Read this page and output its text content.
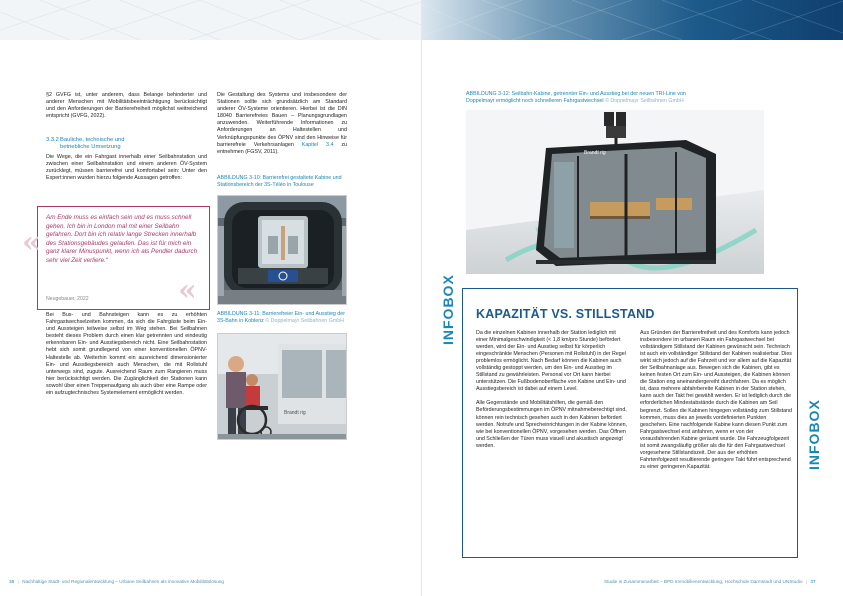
§2 GVFG ist, unter anderem, dass Belange behinderter und anderer Menschen mit Mobilitätsbeeinträchtigung berücksichtigt und den Anforderungen der Barrierefreiheit möglichst weitreichend entspricht (GVFG, 2022).

3.3.2Bauliche, technische und
betriebliche Umsetzung

Die Wege, die ein Fahrgast innerhalb einer Seilbahnstation und zwischen einer Seilbahnstation und einem anderen ÖV-System zurücklegt, müssen barrierefrei und komfortabel sein: Unter den Expert:innen wurden hierzu folgende Aussagen getroffen:

Am Ende muss es einfach sein und es muss schnell gehen. Ich bin in London mal mit einer Seilbahn gefahren. Dort bin ich relativ lange Strecken innerhalb des Stationsgebäudes gelaufen. Das ist für mich ein ganz klarer Minuspunkt, wenn ich als Pendler dadurch sehr viel Zeit verliere.“
Neugebauer, 2022
«
«

Bei Bus- und Bahnsteigen kann es zu erhöhten Fahrgastwechselzeiten kommen, da sich die Fahrgäste beim Ein- und Aussteigen teilweise selbst im Weg stehen. Bei Seilbahnen besteht dieses Problem durch einen klar getrennten und eindeutig erkennbaren Ein- und Ausstiegsbereich nicht. Eine Seilbahnstation hebt sich somit grundlegend von einer konventionellen ÖPNV-Haltestelle ab. Weiterhin kommt ein ausreichend dimensionierter Ein- und Ausstiegsbereich auch Menschen, die mit Rollstuhl unterwegs sind, zugute. Ausreichend Raum zum Rangieren muss hier berücksichtigt werden. Die Zugänglichkeit der Stationen kann sowohl über einen Treppenaufgang als auch über eine Rampe oder ein aufzugtechnisches Systemelement ermöglicht werden.

Die Gestaltung des Systems und insbesondere der Stationen sollte sich grundsätzlich am Standard anderer ÖV-Systeme orientieren. Hierbei ist die DIN 18040 Barrierefreies Bauen – Planungsgrundlagen anzuwenden. Weiterführende Informationen zu Anforderungen an Haltestellen und Verknüpfungspunkte des ÖPNV sind den Hinweise für barrierefreie Verkehrsanlagen Kapitel 3.4 zu entnehmen (FGSV, 2011).

ABBILDUNG 3-10: Barrierefrei gestaltete Kabine und Stationsbereich der 3S-Téléo in Toulouse
ABBILDUNG 3-11: Barrierefreier Ein- und Ausstieg der 3S-Bahn in Koblenz © Doppelmayr Seilbahnen GmbH
Brandt rig
ABBILDUNG 3-12: Seilbahn-Kabine, getrennter Ein- und Ausstieg bei der neuen TRI-Line von Doppelmayr ermöglicht noch schnelleren Fahrgastwechsel © Doppelmayr Seilbahnen GmbH
Brandt rig
INFOBOX
INFOBOX
KAPAZITÄT VS. STILLSTAND

Da die einzelnen Kabinen innerhalb der Station lediglich mit einer Minimalgeschwindigkeit (< 1,8 km/pro Stunde) befördert werden, wird der Ein- und Ausstieg selbst für körperlich eingeschränkte Menschen (Personen mit Rollstuhl) in der Regel problemlos ermöglicht. Nach Bedarf können die Kabinen auch vollständig gestoppt werden, um den Ein- und Ausstieg im Stillstand zu gewährleisten. Personal vor Ort kann hierbei unterstützen. Die Fußbodenoberfläche von Kabine und Ein- und Ausstiegsbereich ist dabei auf einem Level.

Alle Gegenstände und Mobilitätshilfen, die gemäß den Beförderungsbestimmungen im ÖPNV mitnahmeberechtigt sind, können rein technisch gesehen auch in den Kabinen befördert werden. Notrufe und Sprecheinrichtungen in der Kabine können, wie bei konventionellen ÖPNV, vorgesehen werden. Das Öffnen und Schließen der Türen muss visuell und akustisch angezeigt werden.

Aus Gründen der Barrierefreiheit und des Komforts kann jedoch insbesondere im urbanen Raum ein Fahrgastwechsel bei vollständigem Stillstand der Kabinen gewünscht sein. Technisch ist auch ein vollständiger Stillstand der Kabinen realisierbar. Dies wirkt sich jedoch auf die Fahrzeit und vor allem auf die Kapazität der Seilbahnanlage aus. Bewegen sich die Kabinen, gibt es keinen festen Ort zum Ein- und Aussteigen, die Kabinen können die Station eng aneinandergereiht durchfahren. Da es möglich ist, dass mehrere abfahrbereite Kabinen in der Station stehen, kann auch der Takt frei gewählt werden. Er ist lediglich durch die erforderlichen Mindestabstände durch die Kabinen am Seil begrenzt. Sollen die Kabinen hingegen vollständig zum Stillstand kommen, muss dies an jeweils vordefinierten Punkten geschehen. Eine nachfolgende Kabine kann diesen Punkt zum Fahrgastwechsel erst anfahren, wenn er von der vorausfahrenden Kabine geräumt wurde. Die Fahrzeugfolgezeit ist somit zwangsläufig größer als die für den Fahrgastwechsel vorgesehene Stillstandszeit. Der aus der erhöhten Fahrtenfolgezeit resultierende geringere Takt führt entsprechend zu einer geringeren Kapazität.

36 | Nachhaltige Stadt- und Regionalentwicklung – Urbane Seilbahnen als innovative Mobilitätslösung	Studie in Zusammenarbeit – BPD Immobilienentwicklung, Hochschule Darmstadt und UNStudio | 37
